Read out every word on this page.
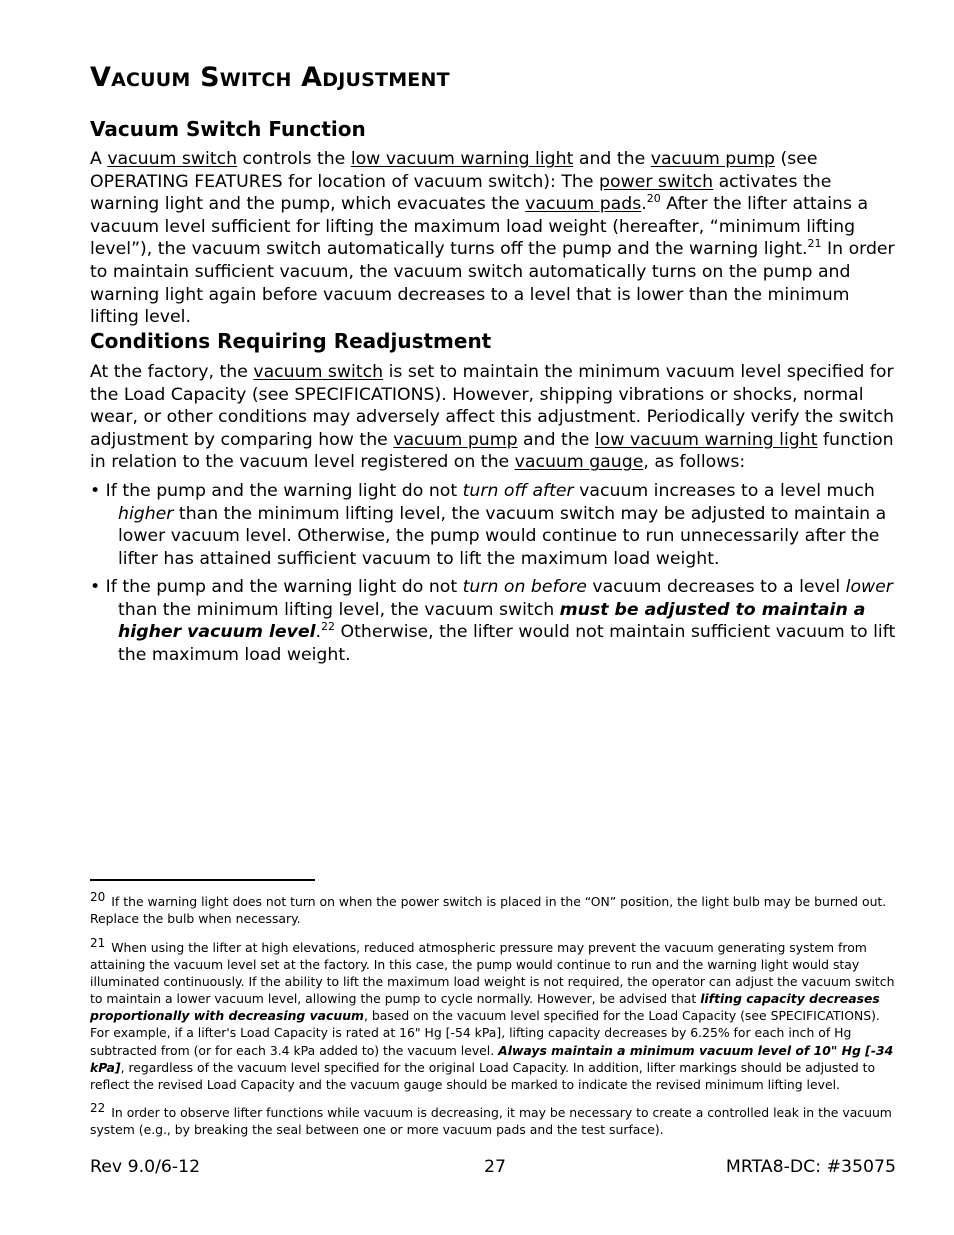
Vacuum Switch Adjustment
Vacuum Switch Function

A vacuum switch controls the low vacuum warning light and the vacuum pump (see OPERATING FEATURES for location of vacuum switch): The power switch activates the warning light and the pump, which evacuates the vacuum pads.$^{20}$ After the lifter attains a vacuum level sufficient for lifting the maximum load weight (hereafter, “minimum lifting level”), the vacuum switch automatically turns off the pump and the warning light.$^{21}$ In order to maintain sufficient vacuum, the vacuum switch automatically turns on the pump and warning light again before vacuum decreases to a level that is lower than the minimum lifting level.

Conditions Requiring Readjustment

At the factory, the vacuum switch is set to maintain the minimum vacuum level specified for the Load Capacity (see SPECIFICATIONS). However, shipping vibrations or shocks, normal wear, or other conditions may adversely affect this adjustment. Periodically verify the switch adjustment by comparing how the vacuum pump and the low vacuum warning light function in relation to the vacuum level registered on the vacuum gauge, as follows:

• If the pump and the warning light do not turn off after vacuum increases to a level much higher than the minimum lifting level, the vacuum switch may be adjusted to maintain a lower vacuum level. Otherwise, the pump would continue to run unnecessarily after the lifter has attained sufficient vacuum to lift the maximum load weight.

• If the pump and the warning light do not turn on before vacuum decreases to a level lower than the minimum lifting level, the vacuum switch must be adjusted to maintain a higher vacuum level.$^{22}$ Otherwise, the lifter would not maintain sufficient vacuum to lift the maximum load weight.

$^{20}$ If the warning light does not turn on when the power switch is placed in the “ON” position, the light bulb may be burned out. Replace the bulb when necessary.

$^{21}$ When using the lifter at high elevations, reduced atmospheric pressure may prevent the vacuum generating system from attaining the vacuum level set at the factory. In this case, the pump would continue to run and the warning light would stay illuminated continuously. If the ability to lift the maximum load weight is not required, the operator can adjust the vacuum switch to maintain a lower vacuum level, allowing the pump to cycle normally. However, be advised that lifting capacity decreases proportionally with decreasing vacuum, based on the vacuum level specified for the Load Capacity (see SPECIFICATIONS). For example, if a lifter's Load Capacity is rated at 16" Hg [-54 kPa], lifting capacity decreases by 6.25% for each inch of Hg subtracted from (or for each 3.4 kPa added to) the vacuum level. Always maintain a minimum vacuum level of 10" Hg [-34 kPa], regardless of the vacuum level specified for the original Load Capacity. In addition, lifter markings should be adjusted to reflect the revised Load Capacity and the vacuum gauge should be marked to indicate the revised minimum lifting level.

$^{22}$ In order to observe lifter functions while vacuum is decreasing, it may be necessary to create a controlled leak in the vacuum system (e.g., by breaking the seal between one or more vacuum pads and the test surface).

Rev 9.0/6-12	27	MRTA8-DC: #35075
